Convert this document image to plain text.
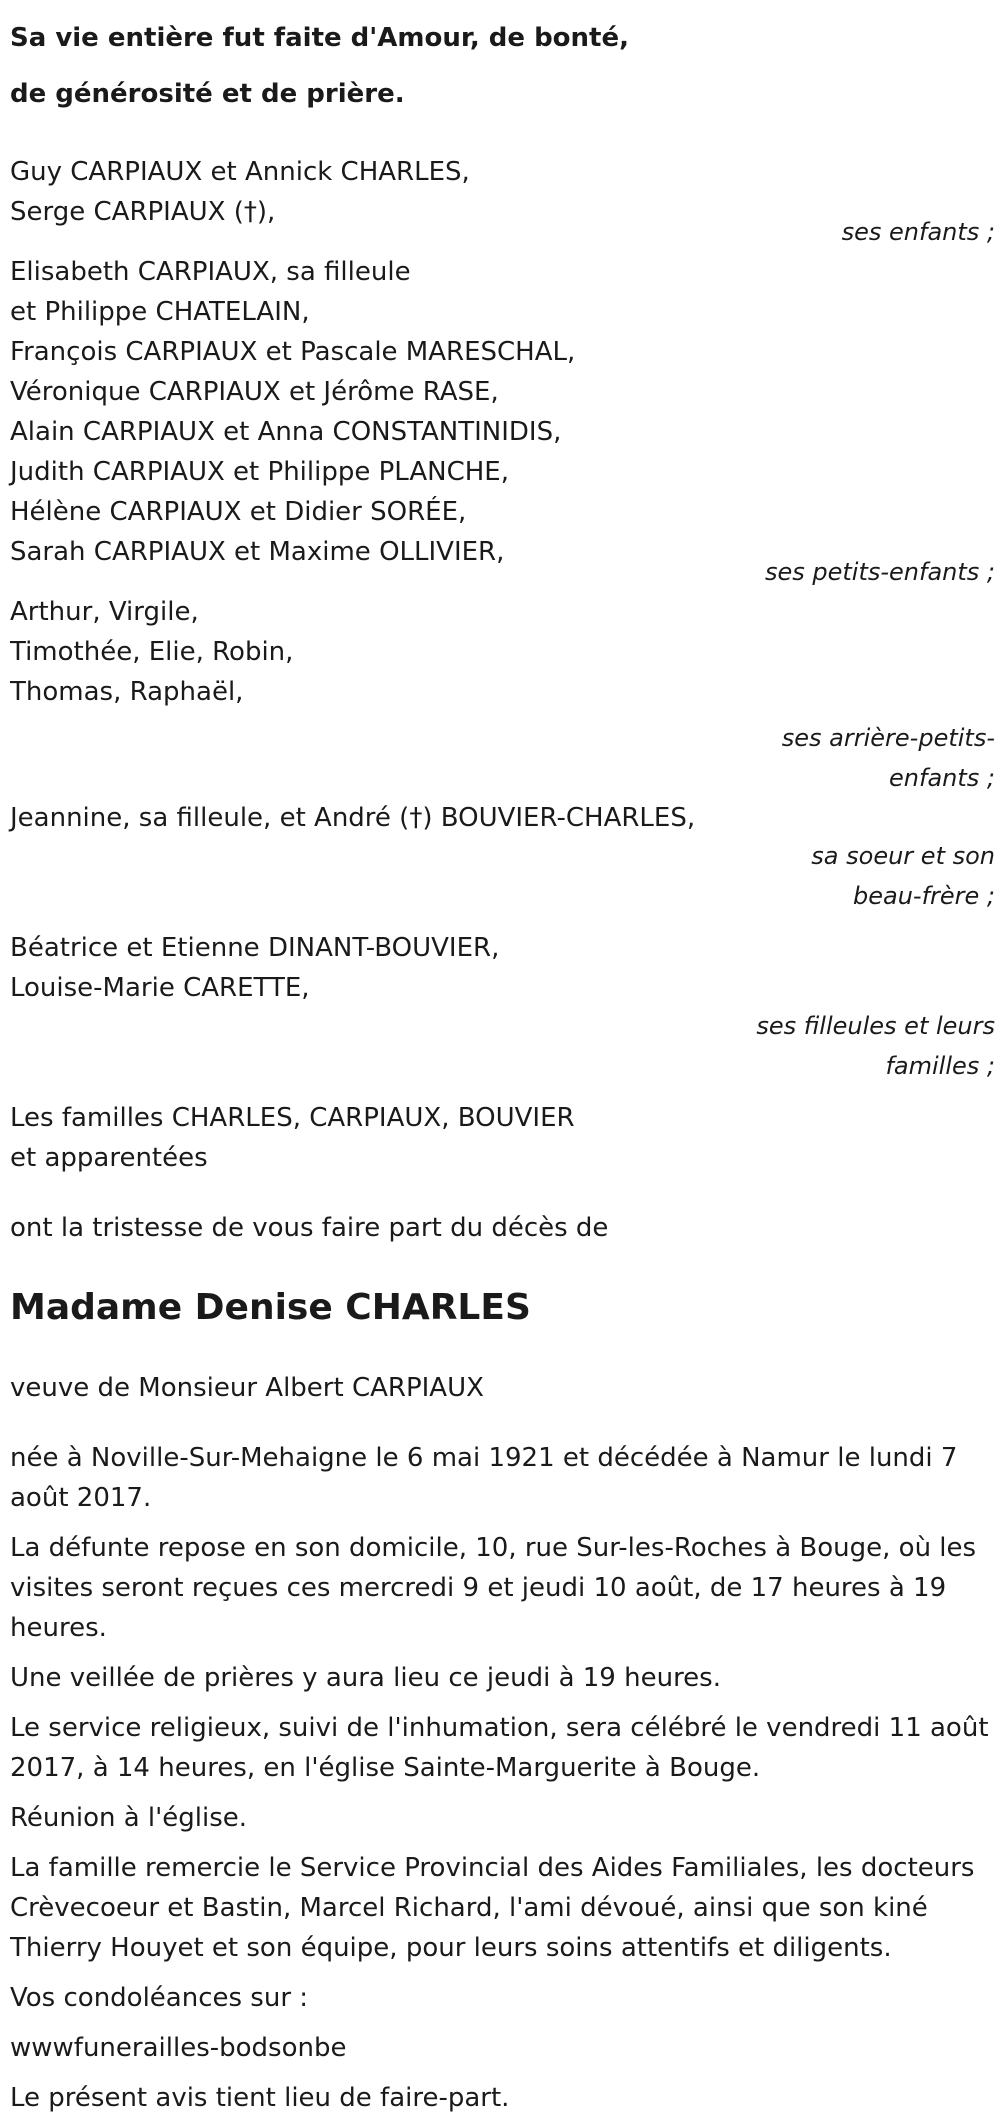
Sa vie entière fut faite d'Amour, de bonté,
de générosité et de prière.

Guy CARPIAUX et Annick CHARLES,
Serge CARPIAUX (†),
ses enfants ;
Elisabeth CARPIAUX, sa filleule
et Philippe CHATELAIN,
François CARPIAUX et Pascale MARESCHAL,
Véronique CARPIAUX et Jérôme RASE,
Alain CARPIAUX et Anna CONSTANTINIDIS,
Judith CARPIAUX et Philippe PLANCHE,
Hélène CARPIAUX et Didier SORÉE,
Sarah CARPIAUX et Maxime OLLIVIER,
ses petits-enfants ;
Arthur, Virgile,
Timothée, Elie, Robin,
Thomas, Raphaël,
ses arrière-petits-
enfants ;
Jeannine, sa filleule, et André (†) BOUVIER-CHARLES,
sa soeur et son
beau-frère ;
Béatrice et Etienne DINANT-BOUVIER,
Louise-Marie CARETTE,
ses filleules et leurs
familles ;
Les familles CHARLES, CARPIAUX, BOUVIER
et apparentées
ont la tristesse de vous faire part du décès de
Madame Denise CHARLES
veuve de Monsieur Albert CARPIAUX

née à Noville-Sur-Mehaigne le 6 mai 1921 et décédée à Namur le lundi 7 août 2017.

La défunte repose en son domicile, 10, rue Sur-les-Roches à Bouge, où les visites seront reçues ces mercredi 9 et jeudi 10 août, de 17 heures à 19 heures.

Une veillée de prières y aura lieu ce jeudi à 19 heures.

Le service religieux, suivi de l'inhumation, sera célébré le vendredi 11 août 2017, à 14 heures, en l'église Sainte-Marguerite à Bouge.

Réunion à l'église.

La famille remercie le Service Provincial des Aides Familiales, les docteurs Crèvecoeur et Bastin, Marcel Richard, l'ami dévoué, ainsi que son kiné Thierry Houyet et son équipe, pour leurs soins attentifs et diligents.

Vos condoléances sur :

wwwfunerailles-bodsonbe

Le présent avis tient lieu de faire-part.
